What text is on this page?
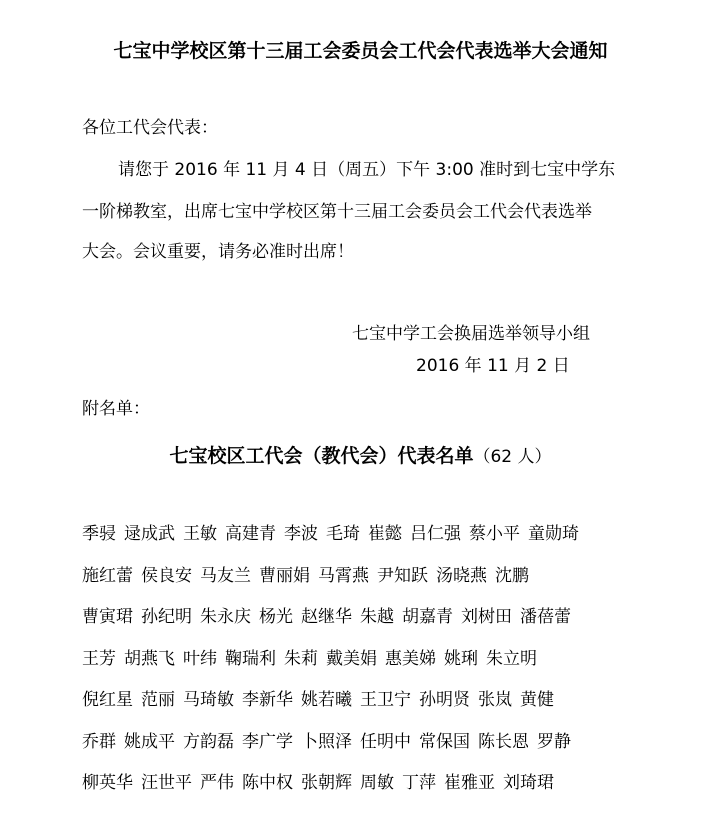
七宝中学校区第十三届工会委员会工代会代表选举大会通知
各位工代会代表：
请您于 2016 年 11 月 4 日（周五）下午 3:00 准时到七宝中学东
一阶梯教室，出席七宝中学校区第十三届工会委员会工代会代表选举
大会。会议重要，请务必准时出席！
七宝中学工会换届选举领导小组
2016 年 11 月 2 日
附名单：
七宝校区工代会（教代会）代表名单（62 人）
季骎 逯成武 王敏 高建青 李波 毛琦 崔懿 吕仁强 蔡小平 童勋琦
施红蕾 侯良安 马友兰 曹丽娟 马霄燕 尹知跃 汤晓燕 沈鹏
曹寅珺 孙纪明 朱永庆 杨光 赵继华 朱越 胡嘉青 刘树田 潘蓓蕾
王芳 胡燕飞 叶纬 鞠瑞利 朱莉 戴美娟 惠美娣 姚琍 朱立明
倪红星 范丽 马琦敏 李新华 姚若曦 王卫宁 孙明贤 张岚 黄健
乔群 姚成平 方韵磊 李广学 卜照泽 任明中 常保国 陈长恩 罗静
柳英华 汪世平 严伟 陈中权 张朝辉 周敏 丁萍 崔雅亚 刘琦珺
